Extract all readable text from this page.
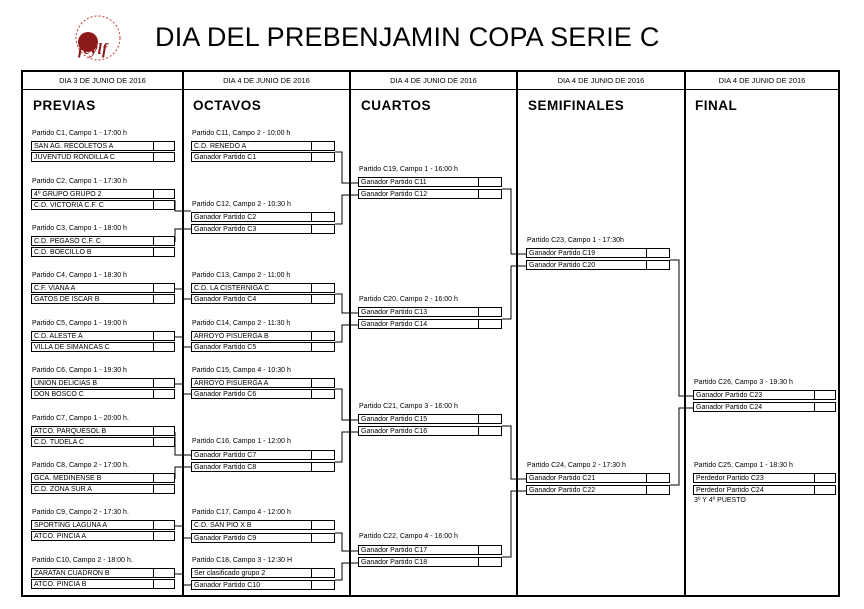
fcylf DIA DEL PREBENJAMIN COPA SERIE C
DIA 3 DE JUNIO DE 2016	DIA 4 DE JUNIO DE 2016	DIA 4 DE JUNIO DE 2016	DIA 4 DE JUNIO DE 2016	DIA 4 DE JUNIO DE 2016
PREVIAS	OCTAVOS	CUARTOS	SEMIFINALES	FINAL
Partido C1, Campo 1 - 17:00 h
SAN AG. RECOLETOS A
JUVENTUD RONDILLA C
Partido C2, Campo 1 - 17:30 h
4º GRUPO GRUPO 2
C.D. VICTORIA C.F. C
Partido C3, Campo 1 - 18:00 h
C.D. PEGASO C.F. C
C.D. BOECILLO B
Partido C4, Campo 1 - 18:30 h
C.F. VIANA A
GATOS DE ISCAR B
Partido C5, Campo 1 - 19:00 h
C.D. ALESTE A
VILLA DE SIMANCAS C
Partido C6, Campo 1 - 19:30 h
UNION DELICIAS B
DON BOSCO C
Partido C7, Campo 1 - 20:00 h.
ATCO. PARQUESOL B
C.D. TUDELA C
Partido C8, Campo 2 - 17:00 h.
GCA. MEDINENSE B
C.D. ZONA SUR A
Partido C9, Campo 2 - 17:30 h.
SPORTING LAGUNA A
ATCO. PINCIA A
Partido C10, Campo 2 - 18:00 h.
ZARATAN CUADRON B
ATCO. PINCIA B
Partido C11, Campo 2 - 10:00 h
C.D. RENEDO A
Ganador Partido C1
Partido C12, Campo 2 - 10:30 h
Ganador Partido C2
Ganador Partido C3
Partido C13, Campo 2 - 11:00 h
C.D. LA CISTERNIGA C
Ganador Partido C4
Partido C14, Campo 2 - 11:30 h
ARROYO PISUERGA B
Ganador Partido C5
Partido C15, Campo 4 - 10:30 h
ARROYO PISUERGA A
Ganador Partido C6
Partido C16, Campo 1 - 12:00 h
Ganador Partido C7
Ganador Partido C8
Partido C17, Campo 4 - 12:00 h
C.D. SAN PIO X B
Ganador Partido C9
Partido C18, Campo 3 - 12:30 H
Ser clasificado grupo 2
Ganador Partido C10
Partido C19, Campo 1 - 16:00 h
Ganador Partido C11
Ganador Partido C12
Partido C20, Campo 2 - 16:00 h
Ganador Partido C13
Ganador Partido C14
Partido C21, Campo 3 - 16:00 h
Ganador Partido C15
Ganador Partido C16
Partido C22, Campo 4 - 16:00 h
Ganador Partido C17
Ganador Partido C18
Partido C23, Campo 1 - 17:30h
Ganador Partido C19
Ganador Partido C20
Partido C24, Campo 2 - 17:30 h
Ganador Partido C21
Ganador Partido C22
Partido C26, Campo 3 - 19:30 h
Ganador Partido C23
Ganador Partido C24
Partido C25, Campo 1 - 18:30 h
Perdedor Partido C23
Perdedor Partido C24
3º Y 4º PUESTO
